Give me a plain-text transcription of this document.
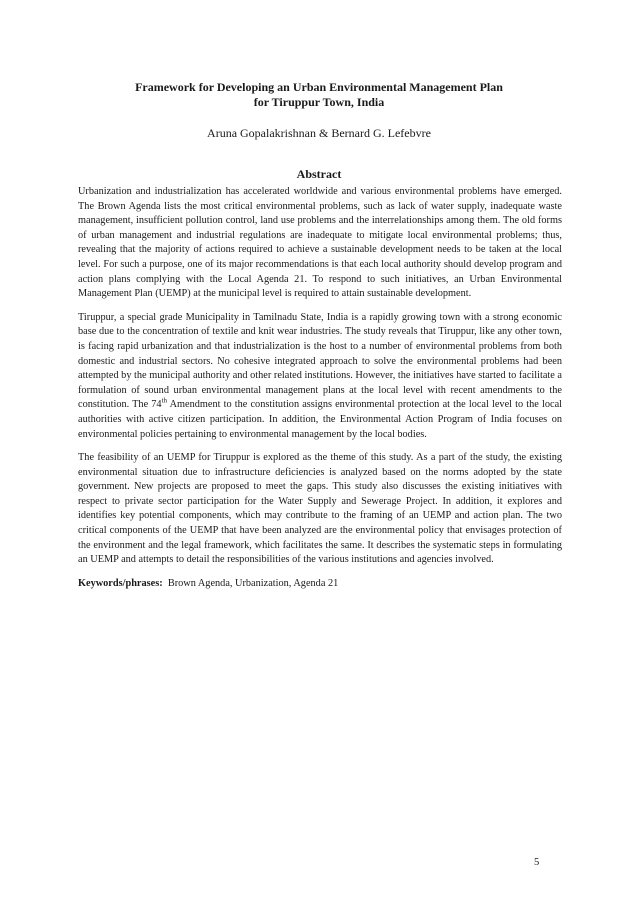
Framework for Developing an Urban Environmental Management Plan
for Tiruppur Town, India

Aruna Gopalakrishnan & Bernard G. Lefebvre

Abstract

Urbanization and industrialization has accelerated worldwide and various environmental problems have emerged. The Brown Agenda lists the most critical environmental problems, such as lack of water supply, inadequate waste management, insufficient pollution control, land use problems and the interrelationships among them. The old forms of urban management and industrial regulations are inadequate to mitigate local environmental problems; thus, revealing that the majority of actions required to achieve a sustainable development needs to be taken at the local level. For such a purpose, one of its major recommendations is that each local authority should develop program and action plans complying with the Local Agenda 21. To respond to such initiatives, an Urban Environmental Management Plan (UEMP) at the municipal level is required to attain sustainable development.

Tiruppur, a special grade Municipality in Tamilnadu State, India is a rapidly growing town with a strong economic base due to the concentration of textile and knit wear industries. The study reveals that Tiruppur, like any other town, is facing rapid urbanization and that industrialization is the host to a number of environmental problems from both domestic and industrial sectors. No cohesive integrated approach to solve the environmental problems had been attempted by the municipal authority and other related institutions. However, the initiatives have started to facilitate a formulation of sound urban environmental management plans at the local level with recent amendments to the constitution. The 74th Amendment to the constitution assigns environmental protection at the local level to the local authorities with active citizen participation. In addition, the Environmental Action Program of India focuses on environmental policies pertaining to environmental management by the local bodies.

The feasibility of an UEMP for Tiruppur is explored as the theme of this study. As a part of the study, the existing environmental situation due to infrastructure deficiencies is analyzed based on the norms adopted by the state government. New projects are proposed to meet the gaps. This study also discusses the existing initiatives with respect to private sector participation for the Water Supply and Sewerage Project. In addition, it explores and identifies key potential components, which may contribute to the framing of an UEMP and action plan. The two critical components of the UEMP that have been analyzed are the environmental policy that envisages protection of the environment and the legal framework, which facilitates the same. It describes the systematic steps in formulating an UEMP and attempts to detail the responsibilities of the various institutions and agencies involved.

Keywords/phrases: Brown Agenda, Urbanization, Agenda 21

5
